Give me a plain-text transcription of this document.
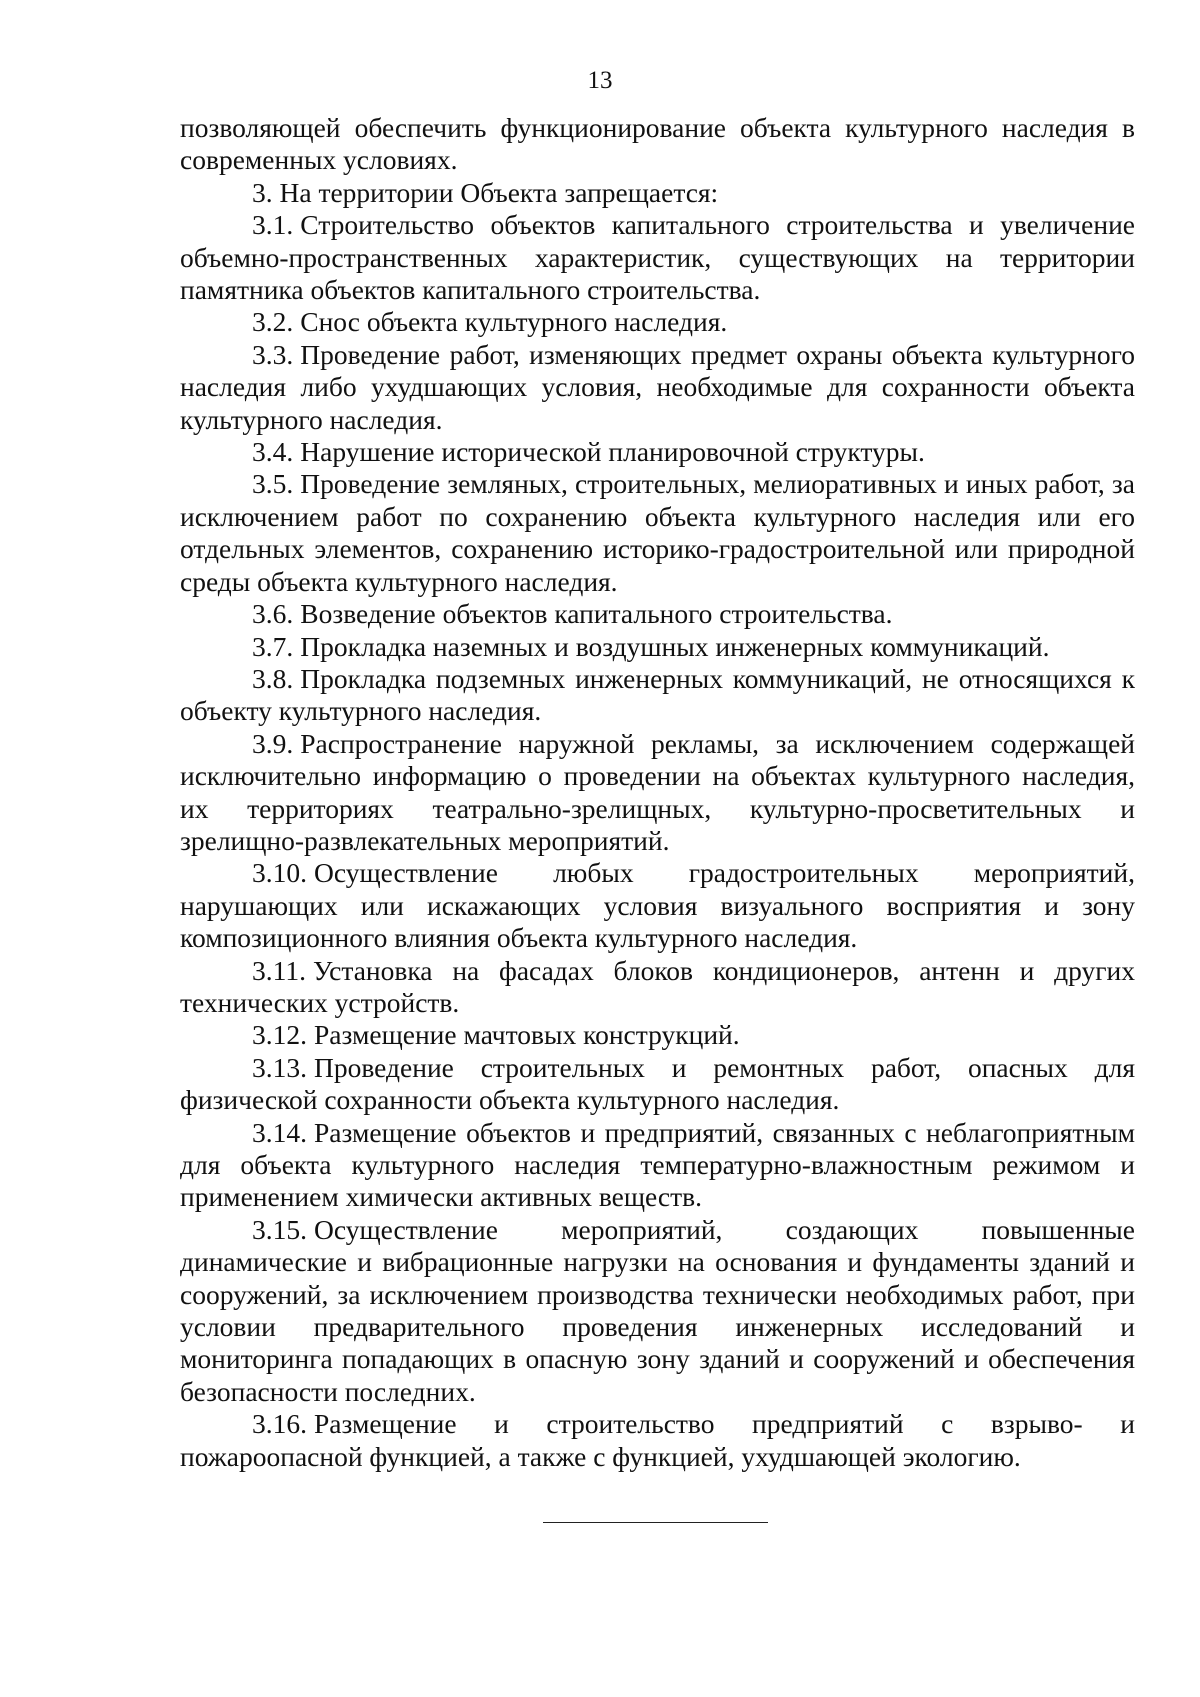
13

позволяющей обеспечить функционирование объекта культурного наследия в современных условиях.

3. На территории Объекта запрещается:

3.1. Строительство объектов капитального строительства и увеличение объемно-пространственных характеристик, существующих на территории памятника объектов капитального строительства.

3.2. Снос объекта культурного наследия.

3.3. Проведение работ, изменяющих предмет охраны объекта культурного наследия либо ухудшающих условия, необходимые для сохранности объекта культурного наследия.

3.4. Нарушение исторической планировочной структуры.

3.5. Проведение земляных, строительных, мелиоративных и иных работ, за исключением работ по сохранению объекта культурного наследия или его отдельных элементов, сохранению историко-градостроительной или природной среды объекта культурного наследия.

3.6. Возведение объектов капитального строительства.

3.7. Прокладка наземных и воздушных инженерных коммуникаций.

3.8. Прокладка подземных инженерных коммуникаций, не относящихся к объекту культурного наследия.

3.9. Распространение наружной рекламы, за исключением содержащей исключительно информацию о проведении на объектах культурного наследия, их территориях театрально-зрелищных, культурно-просветительных и зрелищно-развлекательных мероприятий.

3.10. Осуществление любых градостроительных мероприятий, нарушающих или искажающих условия визуального восприятия и зону композиционного влияния объекта культурного наследия.

3.11. Установка на фасадах блоков кондиционеров, антенн и других технических устройств.

3.12. Размещение мачтовых конструкций.

3.13. Проведение строительных и ремонтных работ, опасных для физической сохранности объекта культурного наследия.

3.14. Размещение объектов и предприятий, связанных с неблагоприятным для объекта культурного наследия температурно-влажностным режимом и применением химически активных веществ.

3.15. Осуществление мероприятий, создающих повышенные динамические и вибрационные нагрузки на основания и фундаменты зданий и сооружений, за исключением производства технически необходимых работ, при условии предварительного проведения инженерных исследований и мониторинга попадающих в опасную зону зданий и сооружений и обеспечения безопасности последних.

3.16. Размещение и строительство предприятий с взрыво- и пожароопасной функцией, а также с функцией, ухудшающей экологию.
